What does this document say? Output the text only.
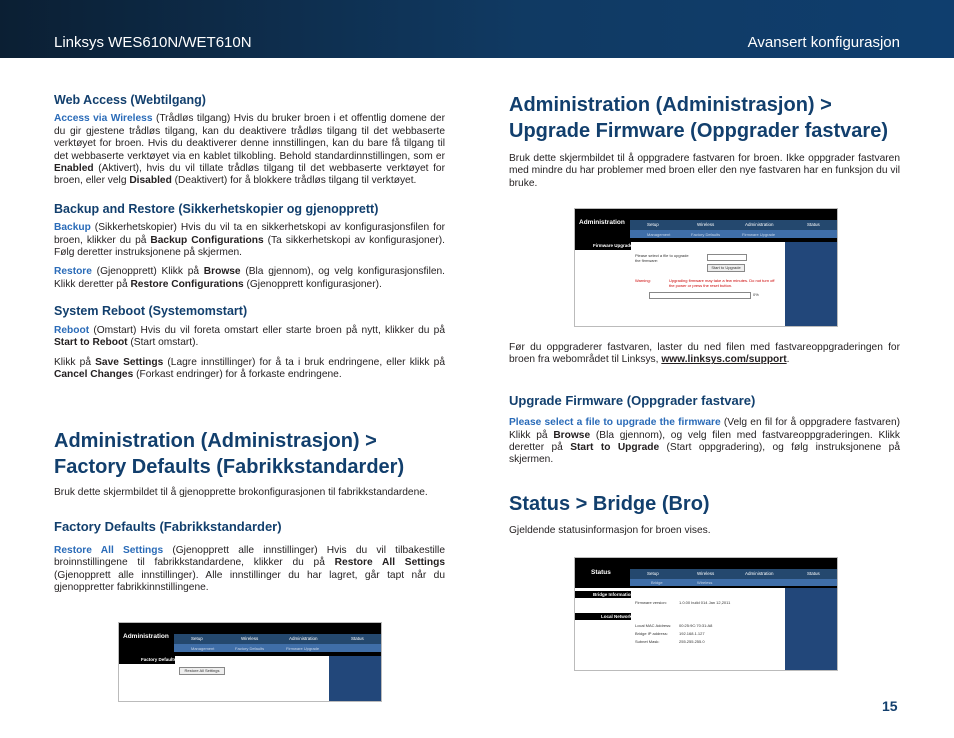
Linksys WES610N/WET610N	Avansert konfigurasjon
Web Access (Webtilgang)

Access via Wireless (Trådløs tilgang) Hvis du bruker broen i et offentlig domene der du gir gjestene trådløs tilgang, kan du deaktivere trådløs tilgang til det webbaserte verktøyet for broen. Hvis du deaktiverer denne innstillingen, kan du bare få tilgang til det webbaserte verktøyet via en kablet tilkobling. Behold standardinnstillingen, som er Enabled (Aktivert), hvis du vil tillate trådløs tilgang til det webbaserte verktøyet for broen, eller velg Disabled (Deaktivert) for å blokkere trådløs tilgang til verktøyet.

Backup and Restore (Sikkerhetskopier og gjenopprett)

Backup (Sikkerhetskopier) Hvis du vil ta en sikkerhetskopi av konfigurasjonsfilen for broen, klikker du på Backup Configurations (Ta sikkerhetskopi av konfigurasjoner). Følg deretter instruksjonene på skjermen.

Restore (Gjenopprett) Klikk på Browse (Bla gjennom), og velg konfigurasjonsfilen. Klikk deretter på Restore Configurations (Gjenopprett konfigurasjoner).

System Reboot (Systemomstart)

Reboot (Omstart) Hvis du vil foreta omstart eller starte broen på nytt, klikker du på Start to Reboot (Start omstart).

Klikk på Save Settings (Lagre innstillinger) for å ta i bruk endringene, eller klikk på Cancel Changes (Forkast endringer) for å forkaste endringene.

Administration (Administrasjon) > Factory Defaults (Fabrikkstandarder)

Bruk dette skjermbildet til å gjenopprette brokonfigurasjonen til fabrikkstandardene.

Factory Defaults (Fabrikkstandarder)

Restore All Settings (Gjenopprett alle innstillinger) Hvis du vil tilbakestille broinnstillingene til fabrikkstandardene, klikker du på Restore All Settings (Gjenopprett alle innstillinger). Alle innstillinger du har lagret, går tapt når du gjenoppretter fabrikkinnstillingene.

Administration	Setup	Wireless	Administration	Status
Management	Factory Defaults	Firmware Upgrade
Factory Defaults
Restore All Settings
Administration (Administrasjon) > Upgrade Firmware (Oppgrader fastvare)

Bruk dette skjermbildet til å oppgradere fastvaren for broen. Ikke oppgrader fastvaren med mindre du har problemer med broen eller den nye fastvaren har en funksjon du vil bruke.

Administration	Setup	Wireless	Administration	Status
Management	Factory Defaults	Firmware Upgrade
Firmware Upgrade
Please select a file to upgrade the firmware:
Warning:	Upgrading firmware may take a few minutes. Do not turn off the power or press the reset button.
Start to Upgrade
0%

Før du oppgraderer fastvaren, laster du ned filen med fastvareoppgraderingen for broen fra webområdet til Linksys, www.linksys.com/support.

Upgrade Firmware (Oppgrader fastvare)

Please select a file to upgrade the firmware (Velg en fil for å oppgradere fastvaren) Klikk på Browse (Bla gjennom), og velg filen med fastvareoppgraderingen. Klikk deretter på Start to Upgrade (Start oppgradering), og følg instruksjonene på skjermen.

Status > Bridge (Bro)

Gjeldende statusinformasjon for broen vises.

Status	Setup	Wireless	Administration	Status
Bridge	Wireless
Bridge Information
Local Network
Firmware version:	1.0.00 build 014 Jan 12,2011
Local MAC Address: 00:25:9C:70:31:A8
Bridge IP address:	192.168.1.127
Subnet Mask:	255.255.255.0
15
